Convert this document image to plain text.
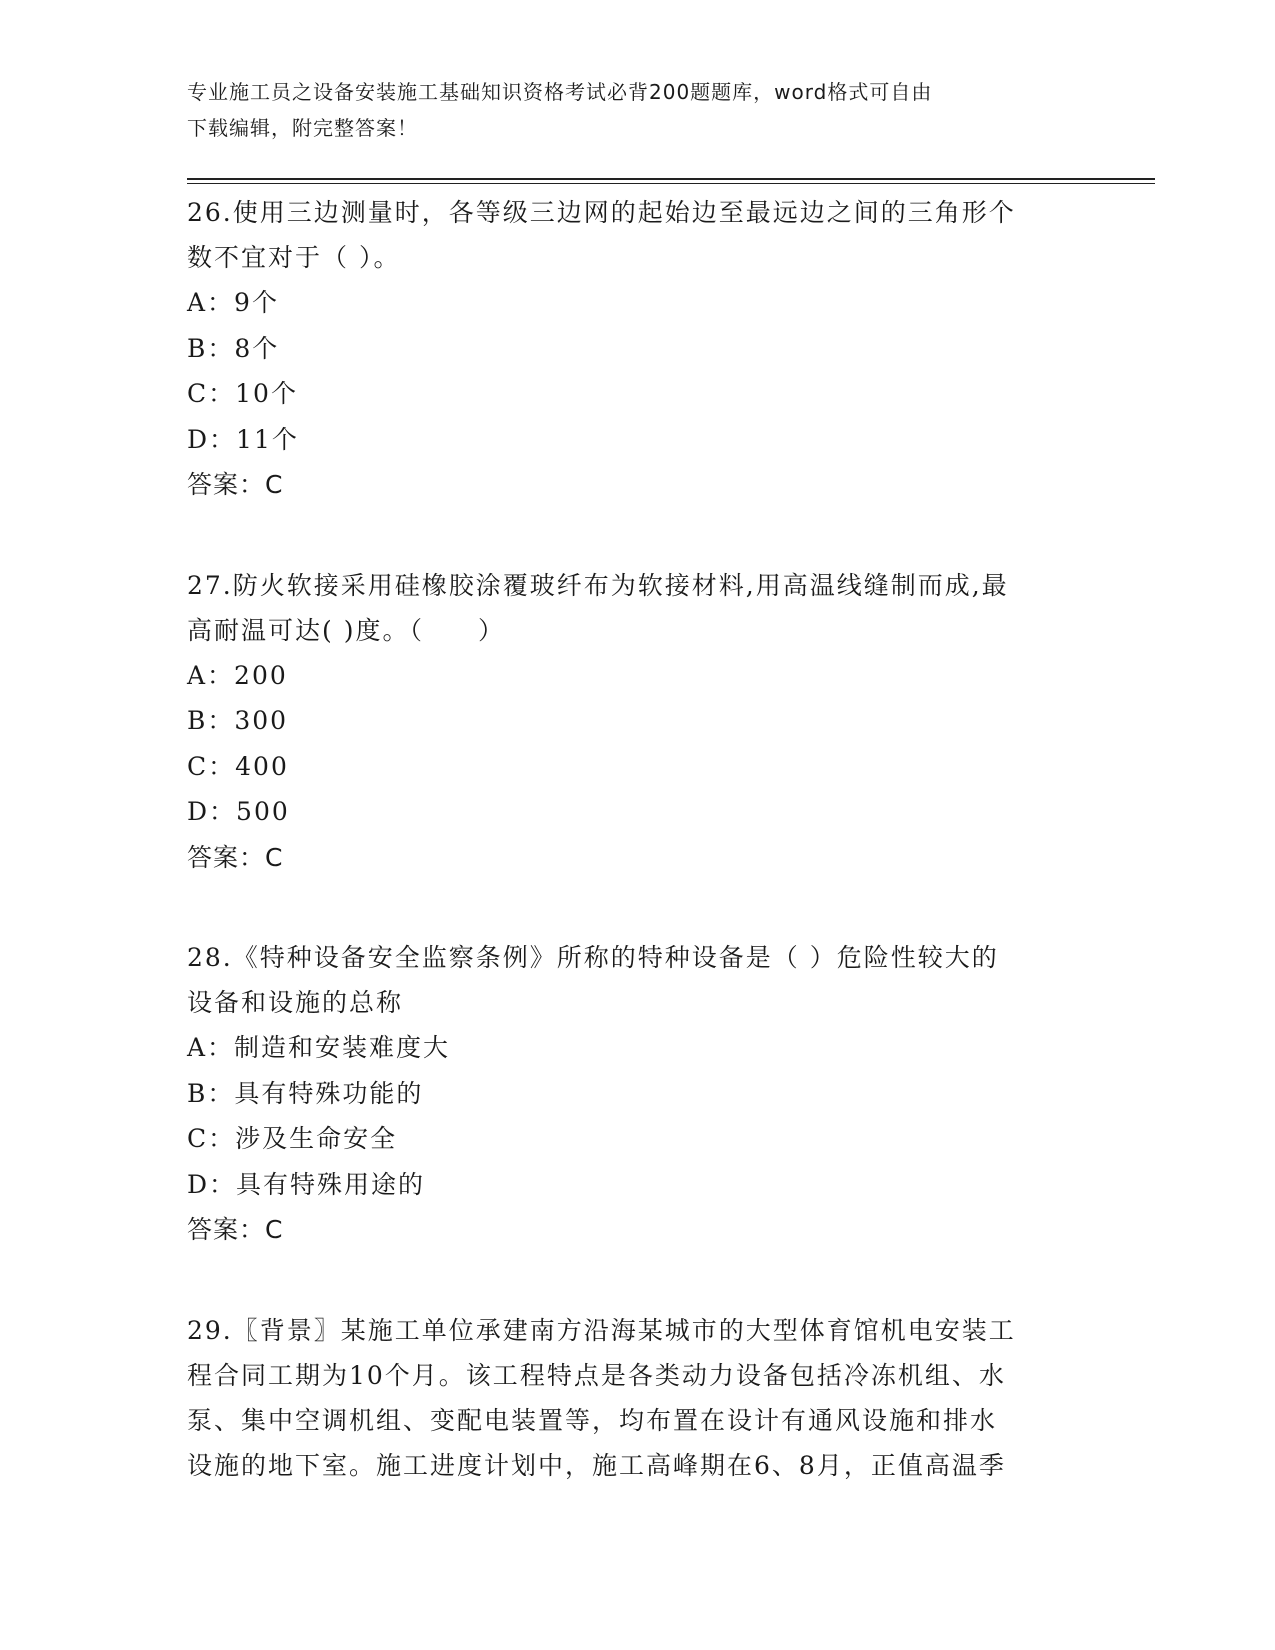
专业施工员之设备安装施工基础知识资格考试必背200题题库，word格式可自由
下载编辑，附完整答案！
26.使用三边测量时，各等级三边网的起始边至最远边之间的三角形个
数不宜对于（ ）。
A：9个
B：8个
C：10个
D：11个
答案：C
27.防火软接采用硅橡胶涂覆玻纤布为软接材料,用高温线缝制而成,最
高耐温可达( )度。（　　）
A：200
B：300
C：400
D：500
答案：C
28.《特种设备安全监察条例》所称的特种设备是（ ）危险性较大的
设备和设施的总称
A：制造和安装难度大
B：具有特殊功能的
C：涉及生命安全
D：具有特殊用途的
答案：C
29.〖背景〗某施工单位承建南方沿海某城市的大型体育馆机电安装工
程合同工期为10个月。该工程特点是各类动力设备包括冷冻机组、水
泵、集中空调机组、变配电装置等，均布置在设计有通风设施和排水
设施的地下室。施工进度计划中，施工高峰期在6、8月，正值高温季
